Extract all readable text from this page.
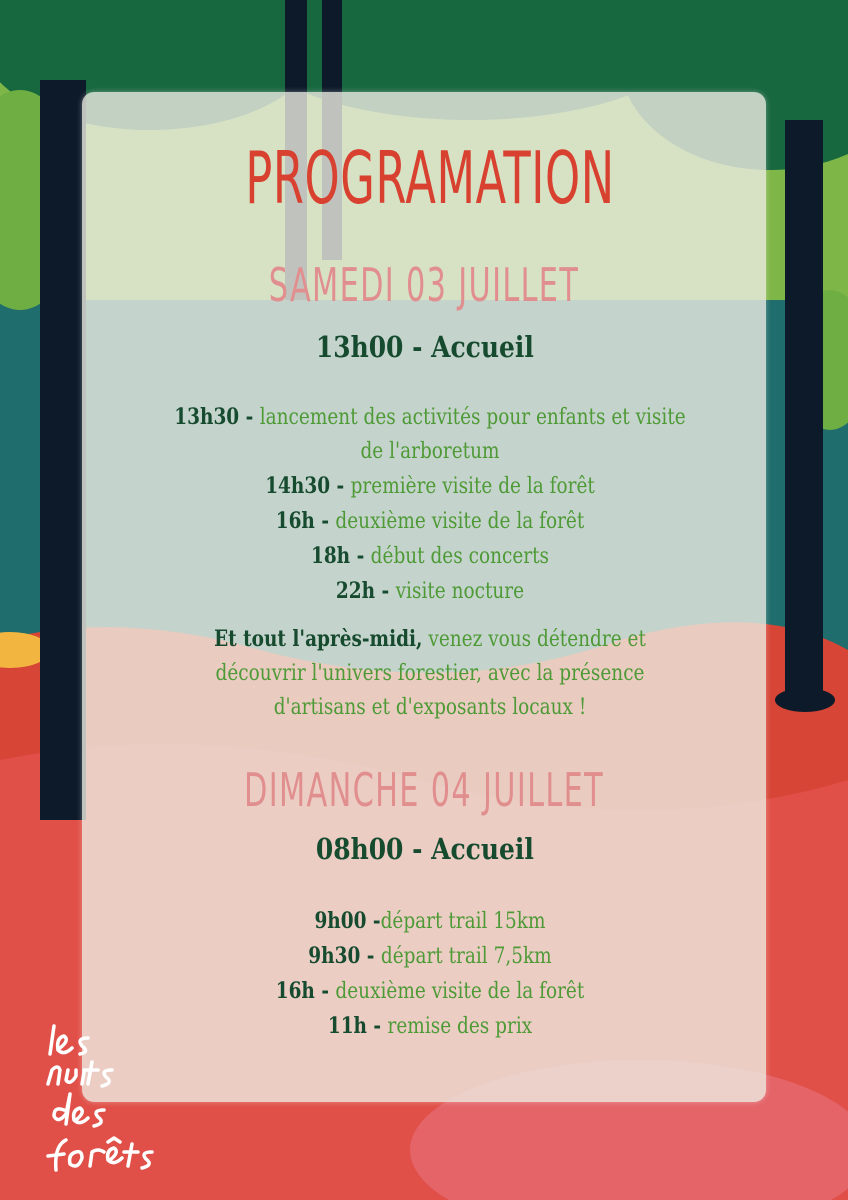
PROGRAMATION
SAMEDI 03 JUILLET
13h00 - Accueil
13h30 - lancement des activités pour enfants et visite de l'arboretum
14h30 - première visite de la forêt
16h - deuxième visite de la forêt
18h - début des concerts
22h - visite nocture
Et tout l'après-midi, venez vous détendre et découvrir l'univers forestier, avec la présence d'artisans et d'exposants locaux !
DIMANCHE 04 JUILLET
08h00 - Accueil
9h00 -départ trail 15km
9h30 - départ trail 7,5km
16h - deuxième visite de la forêt
11h - remise des prix
